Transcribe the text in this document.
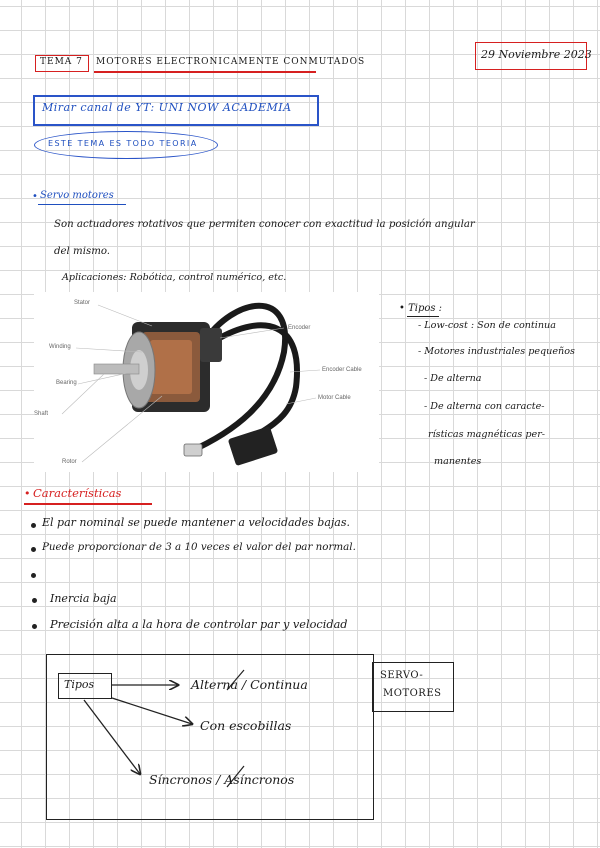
TEMA 7 MOTORES ELECTRONICAMENTE CONMUTADOS
29 Noviembre 2023
Mirar canal de YT: UNI NOW ACADEMIA
ESTE TEMA ES TODO TEORIA
• Servo motores
Son actuadores rotativos que permiten conocer con exactitud la posición angular
del mismo.
Aplicaciones: Robótica, control numérico, etc.
Stator
Winding
Bearing
Shaft
Rotor
Encoder
Encoder Cable
Motor Cable
• Tipos :
- Low-cost : Son de continua
- Motores industriales pequeños
- De alterna
- De alterna con caracte-
rísticas magnéticas per-
manentes
• Características
El par nominal se puede mantener a velocidades bajas.
Puede proporcionar de 3 a 10 veces el valor del par normal.
Inercia baja
Precisión alta a la hora de controlar par y velocidad
Tipos	Alterna / Continua
Con escobillas
Síncronos / Asíncronos
SERVO-
MOTORES
